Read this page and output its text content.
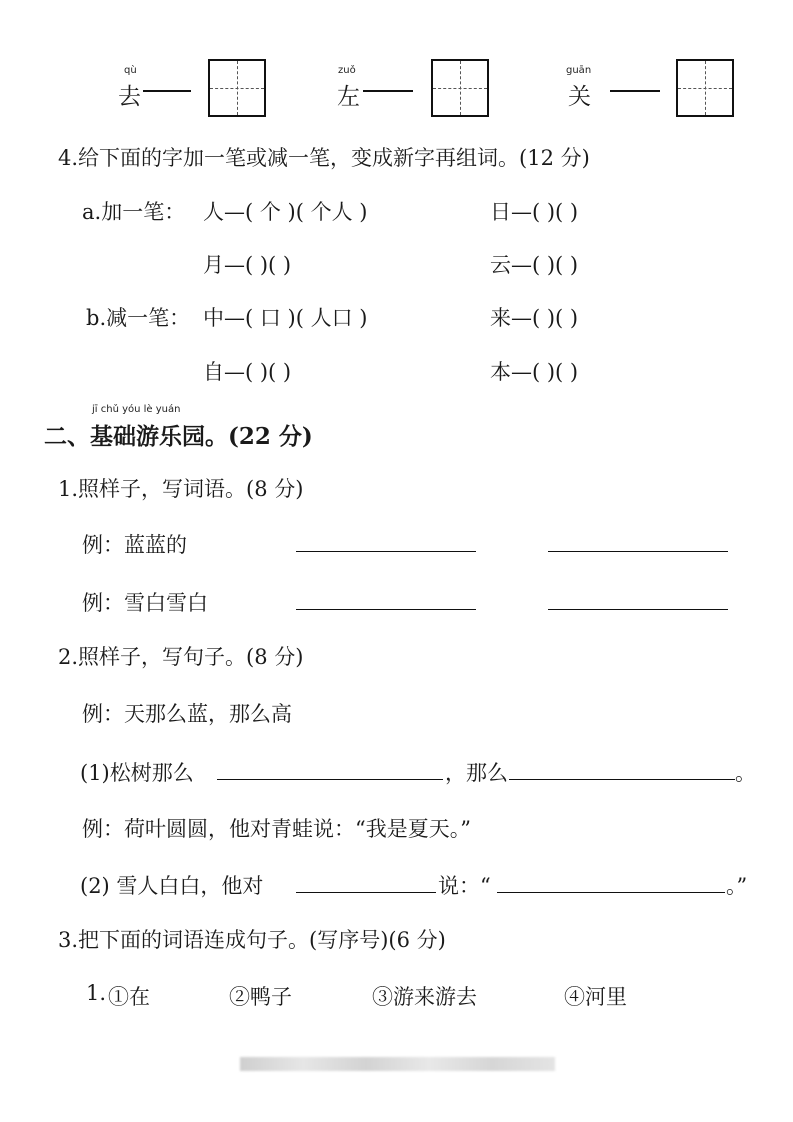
qù
去
zuǒ
左
guān
关
4.给下面的字加一笔或减一笔，变成新字再组词。(12 分)
a.加一笔： 人—( 个 )( 个人 )	日—( )( )
月—( )( )	云—( )( )
b.减一笔： 中—( 口 )( 人口 )	来—( )( )
自—( )( )	本—( )( )
jī chǔ yóu lè yuán
二、基础游乐园。(22 分)
1.照样子，写词语。(8 分)
例：蓝蓝的
例：雪白雪白
2.照样子，写句子。(8 分)
例：天那么蓝，那么高
(1)松树那么	，那么	。
例：荷叶圆圆，他对青蛙说：“我是夏天。”
(2) 雪人白白，他对	说：“	。”
3.把下面的词语连成句子。(写序号)(6 分)
1. ①在	②鸭子	③游来游去	④河里
